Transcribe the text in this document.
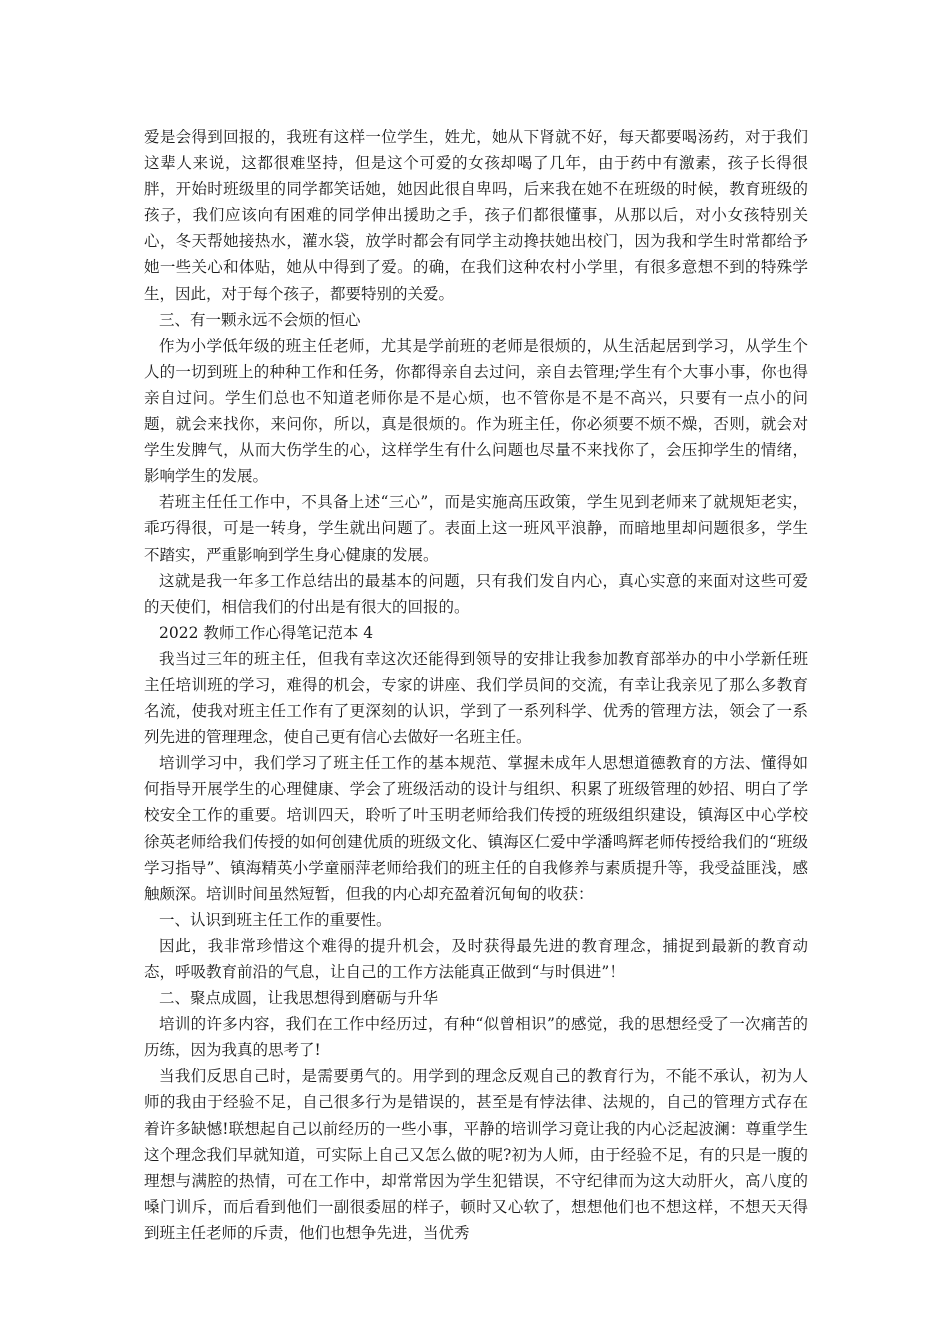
爱是会得到回报的，我班有这样一位学生，姓尤，她从下肾就不好，每天都要喝汤药，对于我们这辈人来说，这都很难坚持，但是这个可爱的女孩却喝了几年，由于药中有激素，孩子长得很胖，开始时班级里的同学都笑话她，她因此很自卑吗，后来我在她不在班级的时候，教育班级的孩子，我们应该向有困难的同学伸出援助之手，孩子们都很懂事，从那以后，对小女孩特别关心，冬天帮她接热水，灌水袋，放学时都会有同学主动搀扶她出校门，因为我和学生时常都给予她一些关心和体贴，她从中得到了爱。的确，在我们这种农村小学里，有很多意想不到的特殊学生，因此，对于每个孩子，都要特别的关爱。

三、有一颗永远不会烦的恒心

作为小学低年级的班主任老师，尤其是学前班的老师是很烦的，从生活起居到学习，从学生个人的一切到班上的种种工作和任务，你都得亲自去过问，亲自去管理;学生有个大事小事，你也得亲自过问。学生们总也不知道老师你是不是心烦，也不管你是不是不高兴，只要有一点小的问题，就会来找你，来问你，所以，真是很烦的。作为班主任，你必须要不烦不燥，否则，就会对学生发脾气，从而大伤学生的心，这样学生有什么问题也尽量不来找你了，会压抑学生的情绪，影响学生的发展。

若班主任任工作中，不具备上述“三心”，而是实施高压政策，学生见到老师来了就规矩老实，乖巧得很，可是一转身，学生就出问题了。表面上这一班风平浪静，而暗地里却问题很多，学生不踏实，严重影响到学生身心健康的发展。

这就是我一年多工作总结出的最基本的问题，只有我们发自内心，真心实意的来面对这些可爱的天使们，相信我们的付出是有很大的回报的。

2022 教师工作心得笔记范本 4

我当过三年的班主任，但我有幸这次还能得到领导的安排让我参加教育部举办的中小学新任班主任培训班的学习，难得的机会，专家的讲座、我们学员间的交流，有幸让我亲见了那么多教育名流，使我对班主任工作有了更深刻的认识，学到了一系列科学、优秀的管理方法，领会了一系列先进的管理理念，使自己更有信心去做好一名班主任。

培训学习中，我们学习了班主任工作的基本规范、掌握未成年人思想道德教育的方法、懂得如何指导开展学生的心理健康、学会了班级活动的设计与组织、积累了班级管理的妙招、明白了学校安全工作的重要。培训四天，聆听了叶玉明老师给我们传授的班级组织建设，镇海区中心学校徐英老师给我们传授的如何创建优质的班级文化、镇海区仁爱中学潘鸣辉老师传授给我们的“班级学习指导”、镇海精英小学童丽萍老师给我们的班主任的自我修养与素质提升等，我受益匪浅，感触颇深。培训时间虽然短暂，但我的内心却充盈着沉甸甸的收获：

一、认识到班主任工作的重要性。

因此，我非常珍惜这个难得的提升机会，及时获得最先进的教育理念，捕捉到最新的教育动态，呼吸教育前沿的气息，让自己的工作方法能真正做到“与时俱进”！

二、聚点成圆，让我思想得到磨砺与升华

培训的许多内容，我们在工作中经历过，有种“似曾相识”的感觉，我的思想经受了一次痛苦的历练，因为我真的思考了!

当我们反思自己时，是需要勇气的。用学到的理念反观自己的教育行为，不能不承认，初为人师的我由于经验不足，自己很多行为是错误的，甚至是有悖法律、法规的，自己的管理方式存在着许多缺憾!联想起自己以前经历的一些小事，平静的培训学习竟让我的内心泛起波澜：尊重学生这个理念我们早就知道，可实际上自己又怎么做的呢?初为人师，由于经验不足，有的只是一腹的理想与满腔的热情，可在工作中，却常常因为学生犯错误，不守纪律而为这大动肝火，高八度的嗓门训斥，而后看到他们一副很委屈的样子，顿时又心软了，想想他们也不想这样，不想天天得到班主任老师的斥责，他们也想争先进，当优秀
